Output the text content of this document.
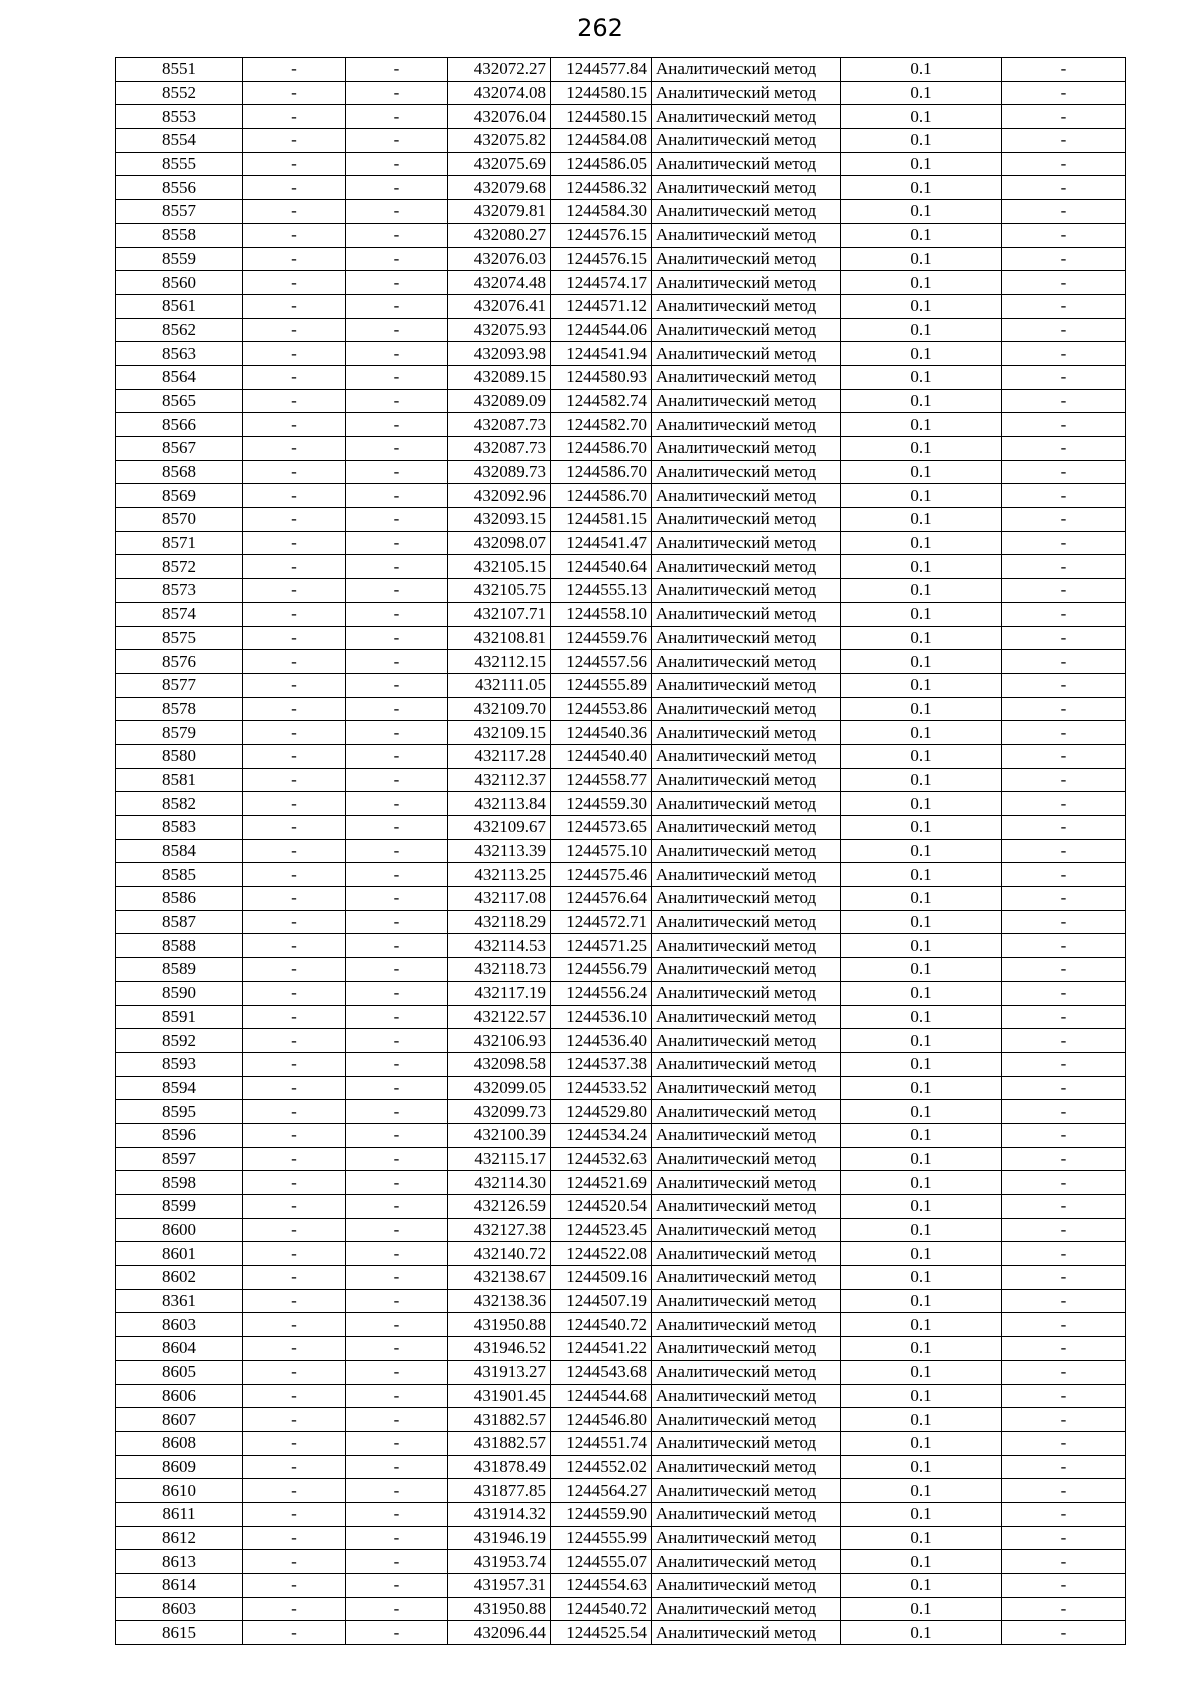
262
8551	-	-	432072.27	1244577.84	Аналитический метод	0.1	-
8552	-	-	432074.08	1244580.15	Аналитический метод	0.1	-
8553	-	-	432076.04	1244580.15	Аналитический метод	0.1	-
8554	-	-	432075.82	1244584.08	Аналитический метод	0.1	-
8555	-	-	432075.69	1244586.05	Аналитический метод	0.1	-
8556	-	-	432079.68	1244586.32	Аналитический метод	0.1	-
8557	-	-	432079.81	1244584.30	Аналитический метод	0.1	-
8558	-	-	432080.27	1244576.15	Аналитический метод	0.1	-
8559	-	-	432076.03	1244576.15	Аналитический метод	0.1	-
8560	-	-	432074.48	1244574.17	Аналитический метод	0.1	-
8561	-	-	432076.41	1244571.12	Аналитический метод	0.1	-
8562	-	-	432075.93	1244544.06	Аналитический метод	0.1	-
8563	-	-	432093.98	1244541.94	Аналитический метод	0.1	-
8564	-	-	432089.15	1244580.93	Аналитический метод	0.1	-
8565	-	-	432089.09	1244582.74	Аналитический метод	0.1	-
8566	-	-	432087.73	1244582.70	Аналитический метод	0.1	-
8567	-	-	432087.73	1244586.70	Аналитический метод	0.1	-
8568	-	-	432089.73	1244586.70	Аналитический метод	0.1	-
8569	-	-	432092.96	1244586.70	Аналитический метод	0.1	-
8570	-	-	432093.15	1244581.15	Аналитический метод	0.1	-
8571	-	-	432098.07	1244541.47	Аналитический метод	0.1	-
8572	-	-	432105.15	1244540.64	Аналитический метод	0.1	-
8573	-	-	432105.75	1244555.13	Аналитический метод	0.1	-
8574	-	-	432107.71	1244558.10	Аналитический метод	0.1	-
8575	-	-	432108.81	1244559.76	Аналитический метод	0.1	-
8576	-	-	432112.15	1244557.56	Аналитический метод	0.1	-
8577	-	-	432111.05	1244555.89	Аналитический метод	0.1	-
8578	-	-	432109.70	1244553.86	Аналитический метод	0.1	-
8579	-	-	432109.15	1244540.36	Аналитический метод	0.1	-
8580	-	-	432117.28	1244540.40	Аналитический метод	0.1	-
8581	-	-	432112.37	1244558.77	Аналитический метод	0.1	-
8582	-	-	432113.84	1244559.30	Аналитический метод	0.1	-
8583	-	-	432109.67	1244573.65	Аналитический метод	0.1	-
8584	-	-	432113.39	1244575.10	Аналитический метод	0.1	-
8585	-	-	432113.25	1244575.46	Аналитический метод	0.1	-
8586	-	-	432117.08	1244576.64	Аналитический метод	0.1	-
8587	-	-	432118.29	1244572.71	Аналитический метод	0.1	-
8588	-	-	432114.53	1244571.25	Аналитический метод	0.1	-
8589	-	-	432118.73	1244556.79	Аналитический метод	0.1	-
8590	-	-	432117.19	1244556.24	Аналитический метод	0.1	-
8591	-	-	432122.57	1244536.10	Аналитический метод	0.1	-
8592	-	-	432106.93	1244536.40	Аналитический метод	0.1	-
8593	-	-	432098.58	1244537.38	Аналитический метод	0.1	-
8594	-	-	432099.05	1244533.52	Аналитический метод	0.1	-
8595	-	-	432099.73	1244529.80	Аналитический метод	0.1	-
8596	-	-	432100.39	1244534.24	Аналитический метод	0.1	-
8597	-	-	432115.17	1244532.63	Аналитический метод	0.1	-
8598	-	-	432114.30	1244521.69	Аналитический метод	0.1	-
8599	-	-	432126.59	1244520.54	Аналитический метод	0.1	-
8600	-	-	432127.38	1244523.45	Аналитический метод	0.1	-
8601	-	-	432140.72	1244522.08	Аналитический метод	0.1	-
8602	-	-	432138.67	1244509.16	Аналитический метод	0.1	-
8361	-	-	432138.36	1244507.19	Аналитический метод	0.1	-
8603	-	-	431950.88	1244540.72	Аналитический метод	0.1	-
8604	-	-	431946.52	1244541.22	Аналитический метод	0.1	-
8605	-	-	431913.27	1244543.68	Аналитический метод	0.1	-
8606	-	-	431901.45	1244544.68	Аналитический метод	0.1	-
8607	-	-	431882.57	1244546.80	Аналитический метод	0.1	-
8608	-	-	431882.57	1244551.74	Аналитический метод	0.1	-
8609	-	-	431878.49	1244552.02	Аналитический метод	0.1	-
8610	-	-	431877.85	1244564.27	Аналитический метод	0.1	-
8611	-	-	431914.32	1244559.90	Аналитический метод	0.1	-
8612	-	-	431946.19	1244555.99	Аналитический метод	0.1	-
8613	-	-	431953.74	1244555.07	Аналитический метод	0.1	-
8614	-	-	431957.31	1244554.63	Аналитический метод	0.1	-
8603	-	-	431950.88	1244540.72	Аналитический метод	0.1	-
8615	-	-	432096.44	1244525.54	Аналитический метод	0.1	-
